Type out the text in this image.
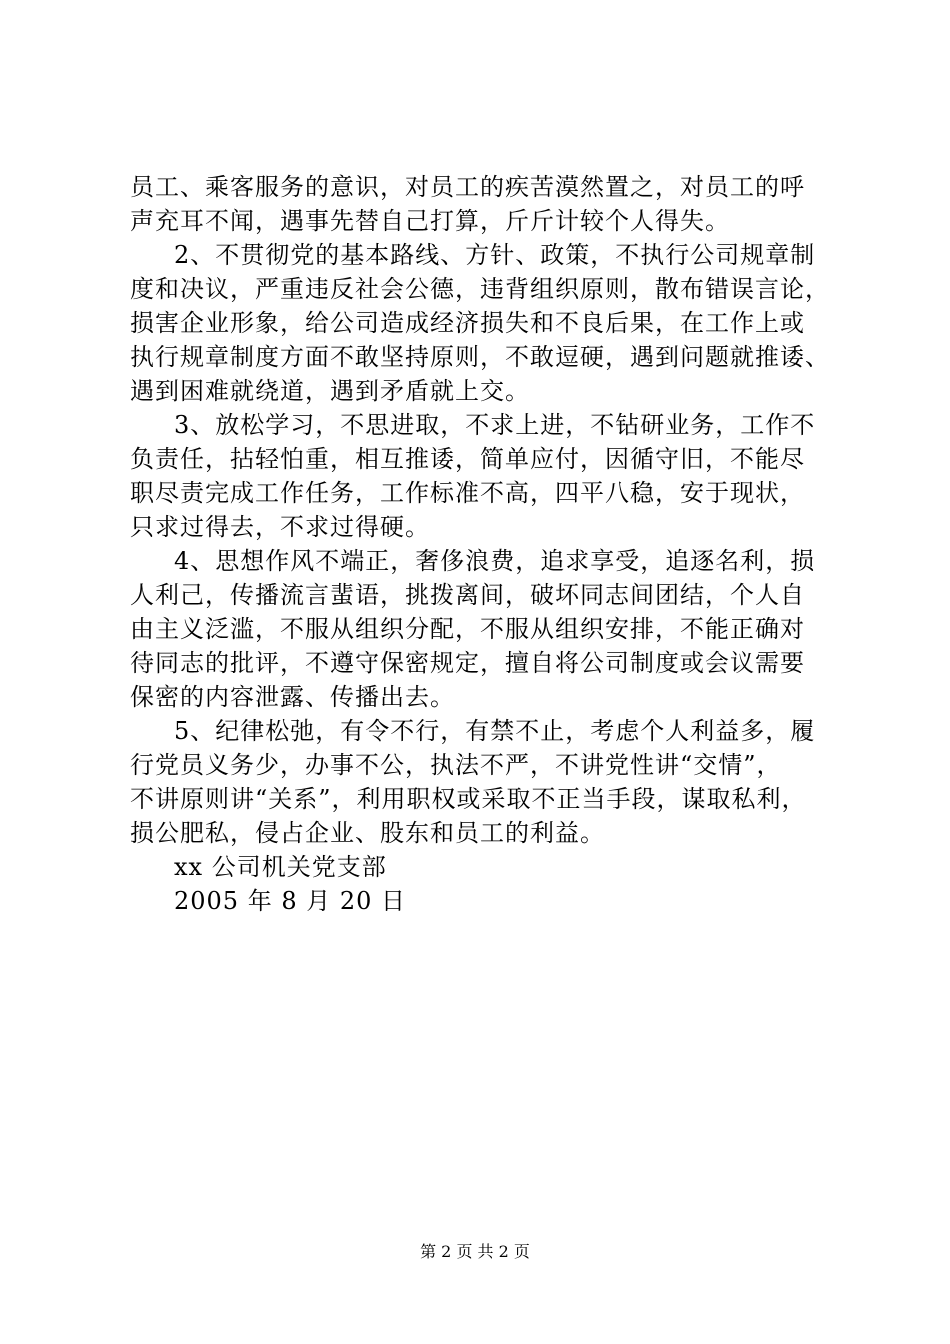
员工、乘客服务的意识，对员工的疾苦漠然置之，对员工的呼
声充耳不闻，遇事先替自己打算，斤斤计较个人得失。
2、不贯彻党的基本路线、方针、政策，不执行公司规章制
度和决议，严重违反社会公德，违背组织原则，散布错误言论，
损害企业形象，给公司造成经济损失和不良后果，在工作上或
执行规章制度方面不敢坚持原则，不敢逗硬，遇到问题就推诿、
遇到困难就绕道，遇到矛盾就上交。
3、放松学习，不思进取，不求上进，不钻研业务，工作不
负责任，拈轻怕重，相互推诿，简单应付，因循守旧，不能尽
职尽责完成工作任务，工作标准不高，四平八稳，安于现状，
只求过得去，不求过得硬。
4、思想作风不端正，奢侈浪费，追求享受，追逐名利，损
人利己，传播流言蜚语，挑拨离间，破坏同志间团结，个人自
由主义泛滥，不服从组织分配，不服从组织安排，不能正确对
待同志的批评，不遵守保密规定，擅自将公司制度或会议需要
保密的内容泄露、传播出去。
5、纪律松弛，有令不行，有禁不止，考虑个人利益多，履
行党员义务少，办事不公，执法不严，不讲党性讲“交情”，
不讲原则讲“关系”，利用职权或采取不正当手段，谋取私利，
损公肥私，侵占企业、股东和员工的利益。
xx 公司机关党支部
2005 年 8 月 20 日
第 2 页 共 2 页
